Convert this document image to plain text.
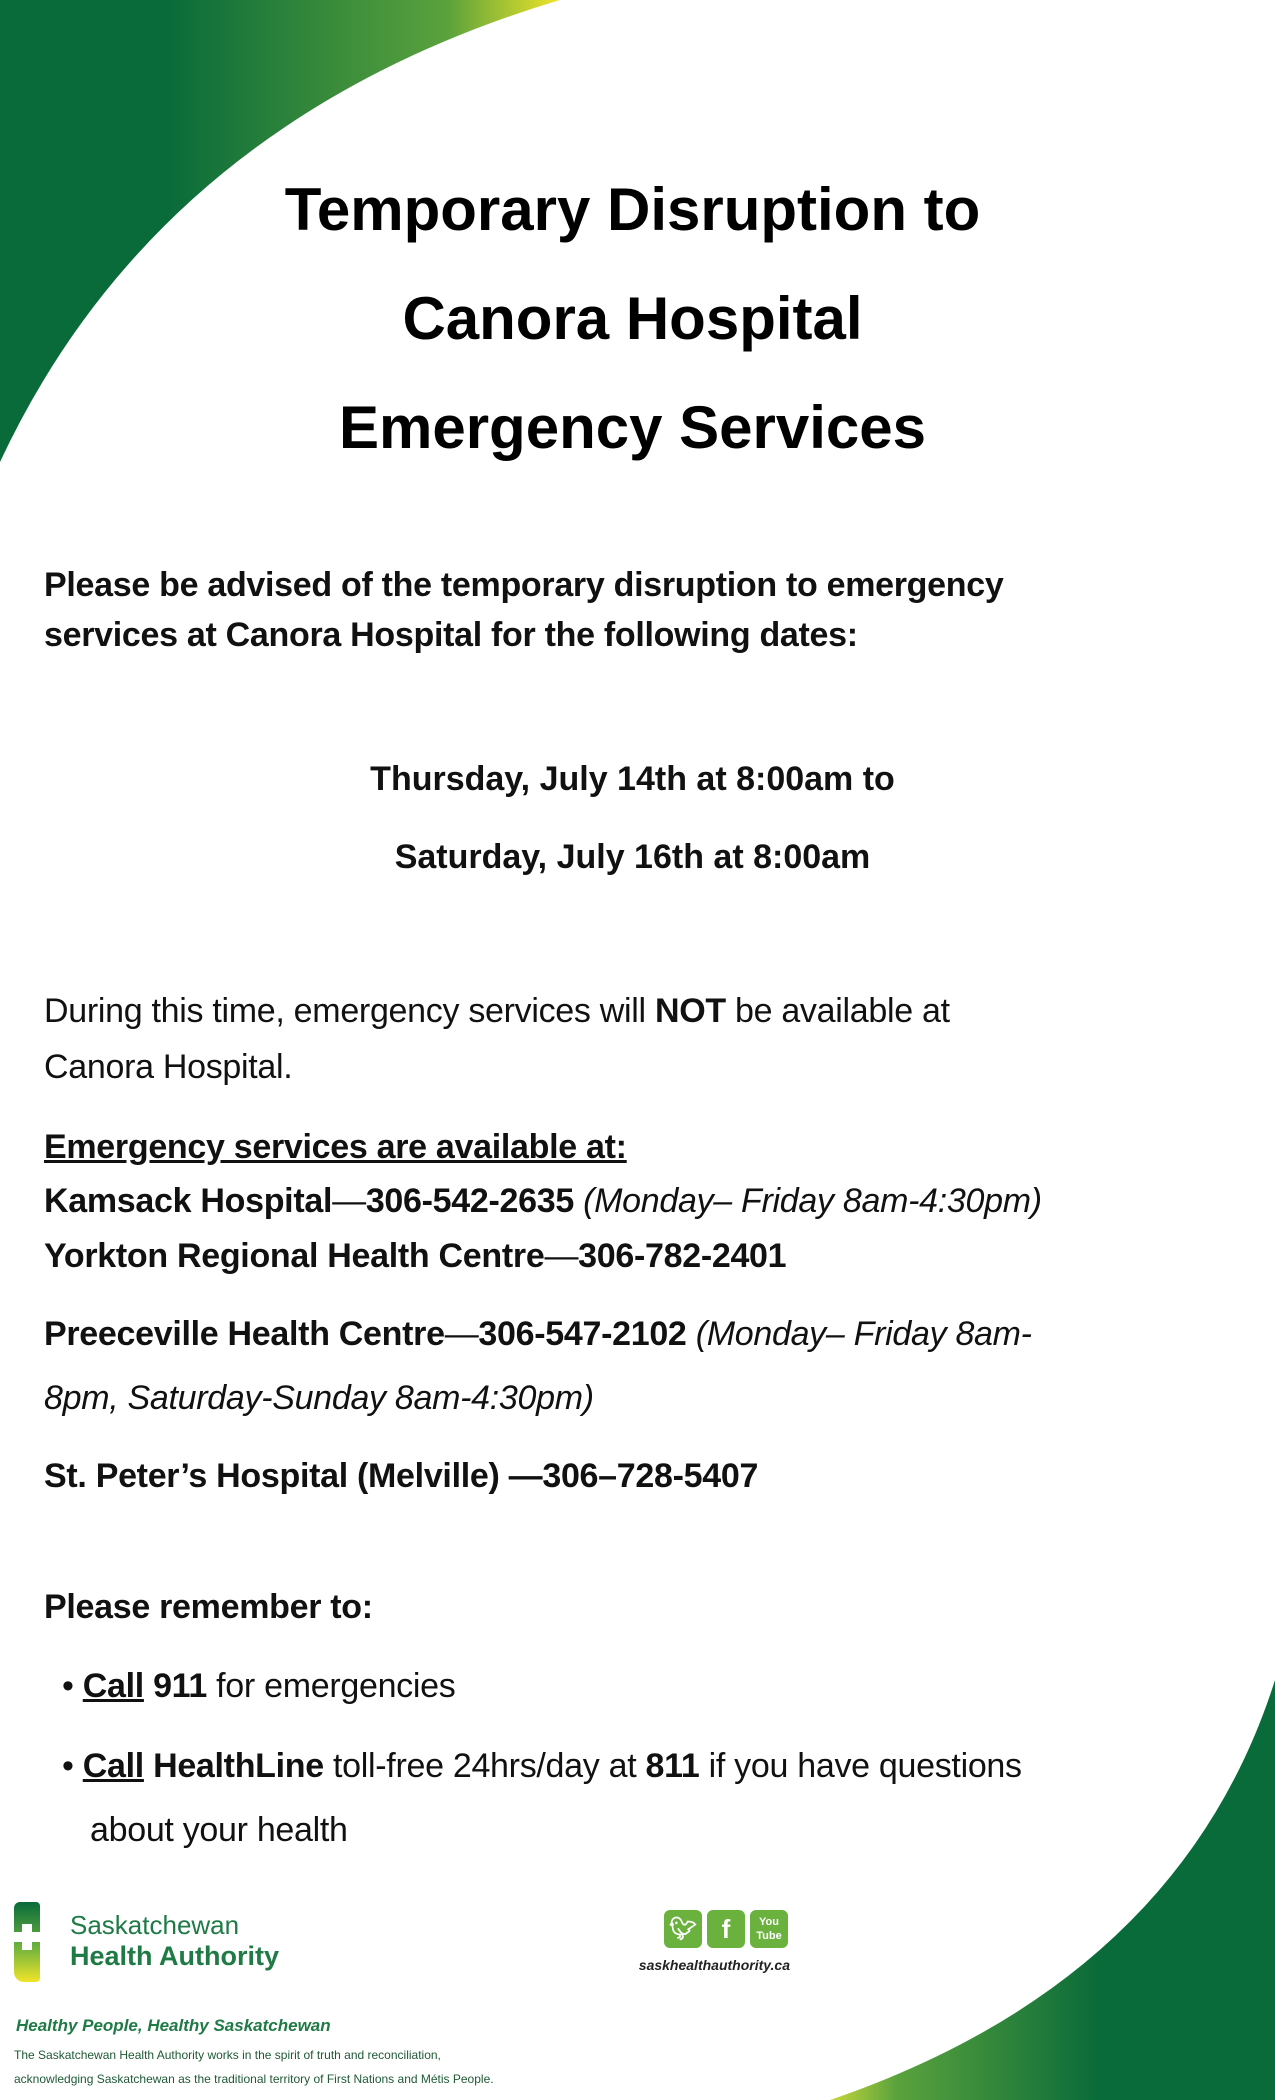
Temporary Disruption to
Canora Hospital
Emergency Services
Please be advised of the temporary disruption to emergency
services at Canora Hospital for the following dates:
Thursday, July 14th at 8:00am to
Saturday, July 16th at 8:00am
During this time, emergency services will NOT be available at
Canora Hospital.
Emergency services are available at:
Kamsack Hospital—306-542-2635 (Monday– Friday 8am-4:30pm)
Yorkton Regional Health Centre—306-782-2401
Preeceville Health Centre—306-547-2102 (Monday– Friday 8am-
8pm, Saturday-Sunday 8am-4:30pm)
St. Peter’s Hospital (Melville) —306–728-5407
Please remember to:
• Call 911 for emergencies
• Call HealthLine toll-free 24hrs/day at 811 if you have questions
about your health
Saskatchewan
Health Authority
🐦︎ f	You
Tube
saskhealthauthority.ca
Healthy People, Healthy Saskatchewan
The Saskatchewan Health Authority works in the spirit of truth and reconciliation,
acknowledging Saskatchewan as the traditional territory of First Nations and Métis People.
